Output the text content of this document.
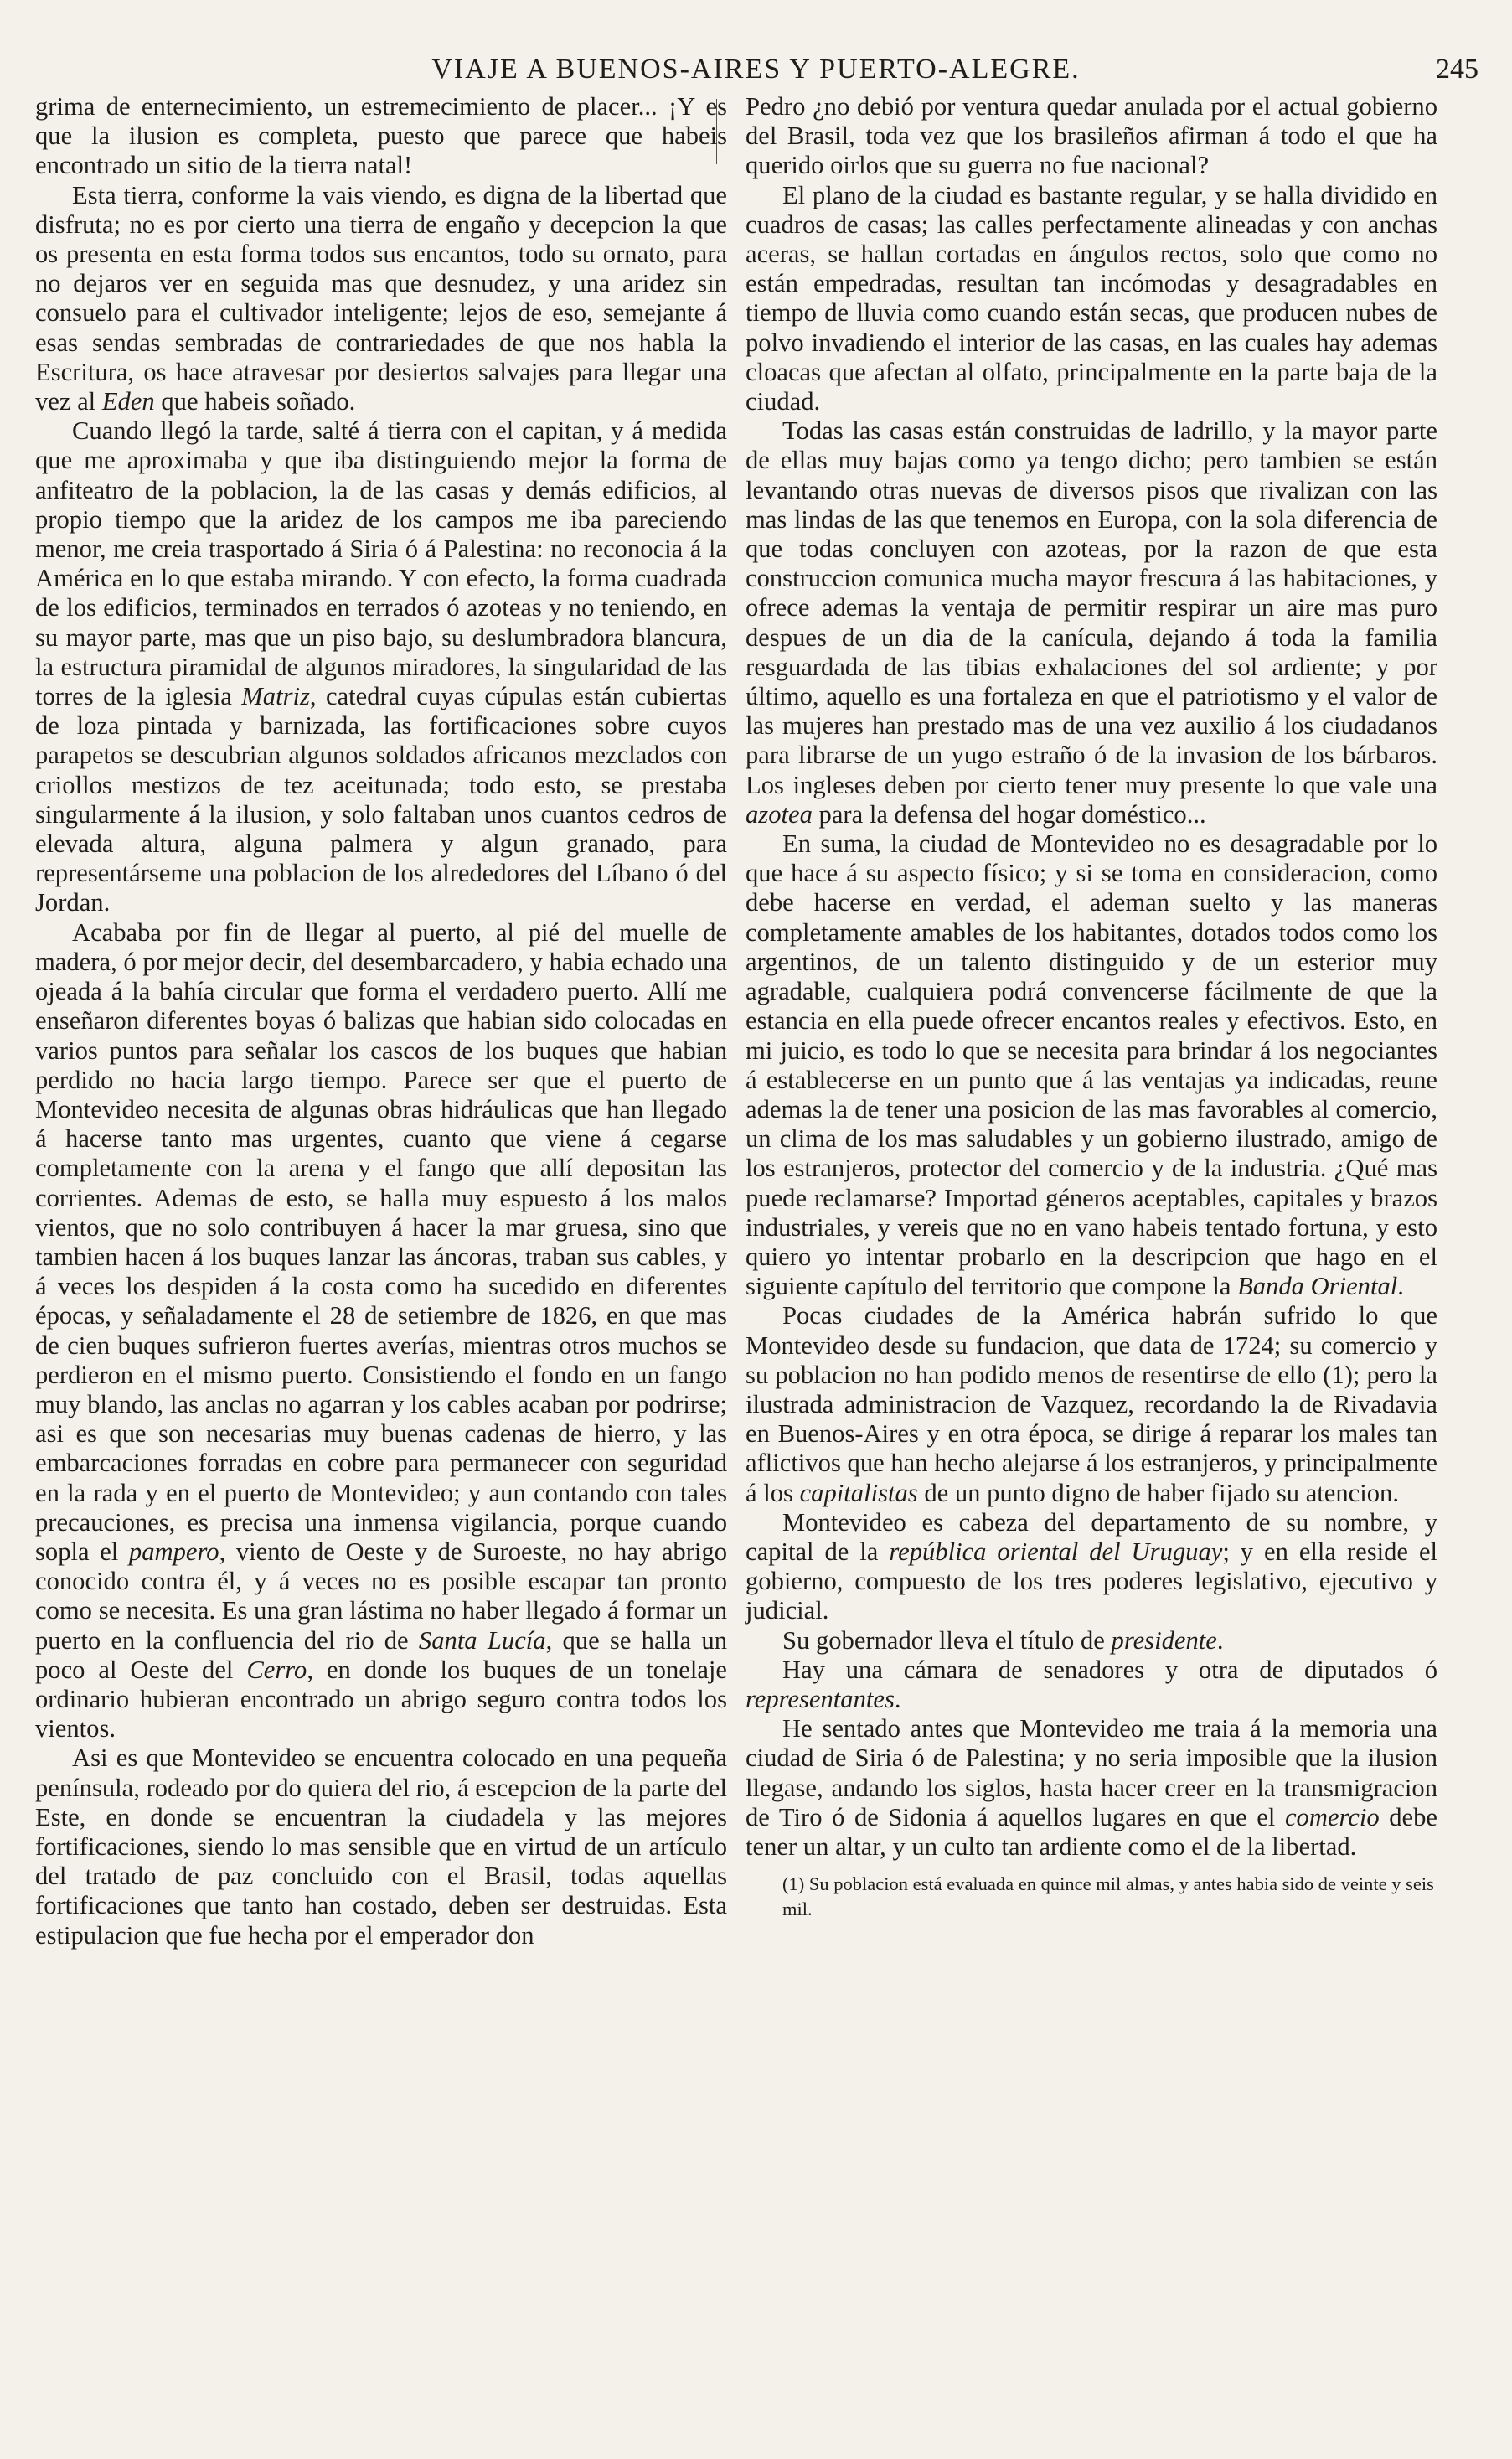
VIAJE A BUENOS-AIRES Y PUERTO-ALEGRE.	245

grima de enternecimiento, un estremecimiento de placer... ¡Y es que la ilusion es completa, puesto que parece que habeis encontrado un sitio de la tierra natal!

Esta tierra, conforme la vais viendo, es digna de la libertad que disfruta; no es por cierto una tierra de engaño y decepcion la que os presenta en esta forma todos sus encantos, todo su ornato, para no dejaros ver en seguida mas que desnudez, y una aridez sin consuelo para el cultivador inteligente; lejos de eso, semejante á esas sendas sembradas de contrariedades de que nos habla la Escritura, os hace atravesar por desiertos salvajes para llegar una vez al Eden que habeis soñado.

Cuando llegó la tarde, salté á tierra con el capitan, y á medida que me aproximaba y que iba distinguiendo mejor la forma de anfiteatro de la poblacion, la de las casas y demás edificios, al propio tiempo que la aridez de los campos me iba pareciendo menor, me creia trasportado á Siria ó á Palestina: no reconocia á la América en lo que estaba mirando. Y con efecto, la forma cuadrada de los edificios, terminados en terrados ó azoteas y no teniendo, en su mayor parte, mas que un piso bajo, su deslumbradora blancura, la estructura piramidal de algunos miradores, la singularidad de las torres de la iglesia Matriz, catedral cuyas cúpulas están cubiertas de loza pintada y barnizada, las fortificaciones sobre cuyos parapetos se descubrian algunos soldados africanos mezclados con criollos mestizos de tez aceitunada; todo esto, se prestaba singularmente á la ilusion, y solo faltaban unos cuantos cedros de elevada altura, alguna palmera y algun granado, para representárseme una poblacion de los alrededores del Líbano ó del Jordan.

Acababa por fin de llegar al puerto, al pié del muelle de madera, ó por mejor decir, del desembarcadero, y habia echado una ojeada á la bahía circular que forma el verdadero puerto. Allí me enseñaron diferentes boyas ó balizas que habian sido colocadas en varios puntos para señalar los cascos de los buques que habian perdido no hacia largo tiempo. Parece ser que el puerto de Montevideo necesita de algunas obras hidráulicas que han llegado á hacerse tanto mas urgentes, cuanto que viene á cegarse completamente con la arena y el fango que allí depositan las corrientes. Ademas de esto, se halla muy espuesto á los malos vientos, que no solo contribuyen á hacer la mar gruesa, sino que tambien hacen á los buques lanzar las áncoras, traban sus cables, y á veces los despiden á la costa como ha sucedido en diferentes épocas, y señaladamente el 28 de setiembre de 1826, en que mas de cien buques sufrieron fuertes averías, mientras otros muchos se perdieron en el mismo puerto. Consistiendo el fondo en un fango muy blando, las anclas no agarran y los cables acaban por podrirse; asi es que son necesarias muy buenas cadenas de hierro, y las embarcaciones forradas en cobre para permanecer con seguridad en la rada y en el puerto de Montevideo; y aun contando con tales precauciones, es precisa una inmensa vigilancia, porque cuando sopla el pampero, viento de Oeste y de Suroeste, no hay abrigo conocido contra él, y á veces no es posible escapar tan pronto como se necesita. Es una gran lástima no haber llegado á formar un puerto en la confluencia del rio de Santa Lucía, que se halla un poco al Oeste del Cerro, en donde los buques de un tonelaje ordinario hubieran encontrado un abrigo seguro contra todos los vientos.

Asi es que Montevideo se encuentra colocado en una pequeña península, rodeado por do quiera del rio, á escepcion de la parte del Este, en donde se encuentran la ciudadela y las mejores fortificaciones, siendo lo mas sensible que en virtud de un artículo del tratado de paz concluido con el Brasil, todas aquellas fortificaciones que tanto han costado, deben ser destruidas. Esta estipulacion que fue hecha por el emperador don

Pedro ¿no debió por ventura quedar anulada por el actual gobierno del Brasil, toda vez que los brasileños afirman á todo el que ha querido oirlos que su guerra no fue nacional?

El plano de la ciudad es bastante regular, y se halla dividido en cuadros de casas; las calles perfectamente alineadas y con anchas aceras, se hallan cortadas en ángulos rectos, solo que como no están empedradas, resultan tan incómodas y desagradables en tiempo de lluvia como cuando están secas, que producen nubes de polvo invadiendo el interior de las casas, en las cuales hay ademas cloacas que afectan al olfato, principalmente en la parte baja de la ciudad.

Todas las casas están construidas de ladrillo, y la mayor parte de ellas muy bajas como ya tengo dicho; pero tambien se están levantando otras nuevas de diversos pisos que rivalizan con las mas lindas de las que tenemos en Europa, con la sola diferencia de que todas concluyen con azoteas, por la razon de que esta construccion comunica mucha mayor frescura á las habitaciones, y ofrece ademas la ventaja de permitir respirar un aire mas puro despues de un dia de la canícula, dejando á toda la familia resguardada de las tibias exhalaciones del sol ardiente; y por último, aquello es una fortaleza en que el patriotismo y el valor de las mujeres han prestado mas de una vez auxilio á los ciudadanos para librarse de un yugo estraño ó de la invasion de los bárbaros. Los ingleses deben por cierto tener muy presente lo que vale una azotea para la defensa del hogar doméstico...

En suma, la ciudad de Montevideo no es desagradable por lo que hace á su aspecto físico; y si se toma en consideracion, como debe hacerse en verdad, el ademan suelto y las maneras completamente amables de los habitantes, dotados todos como los argentinos, de un talento distinguido y de un esterior muy agradable, cualquiera podrá convencerse fácilmente de que la estancia en ella puede ofrecer encantos reales y efectivos. Esto, en mi juicio, es todo lo que se necesita para brindar á los negociantes á establecerse en un punto que á las ventajas ya indicadas, reune ademas la de tener una posicion de las mas favorables al comercio, un clima de los mas saludables y un gobierno ilustrado, amigo de los estranjeros, protector del comercio y de la industria. ¿Qué mas puede reclamarse? Importad géneros aceptables, capitales y brazos industriales, y vereis que no en vano habeis tentado fortuna, y esto quiero yo intentar probarlo en la descripcion que hago en el siguiente capítulo del territorio que compone la Banda Oriental.

Pocas ciudades de la América habrán sufrido lo que Montevideo desde su fundacion, que data de 1724; su comercio y su poblacion no han podido menos de resentirse de ello (1); pero la ilustrada administracion de Vazquez, recordando la de Rivadavia en Buenos-Aires y en otra época, se dirige á reparar los males tan aflictivos que han hecho alejarse á los estranjeros, y principalmente á los capitalistas de un punto digno de haber fijado su atencion.

Montevideo es cabeza del departamento de su nombre, y capital de la república oriental del Uruguay; y en ella reside el gobierno, compuesto de los tres poderes legislativo, ejecutivo y judicial.

Su gobernador lleva el título de presidente.

Hay una cámara de senadores y otra de diputados ó representantes.

He sentado antes que Montevideo me traia á la memoria una ciudad de Siria ó de Palestina; y no seria imposible que la ilusion llegase, andando los siglos, hasta hacer creer en la transmigracion de Tiro ó de Sidonia á aquellos lugares en que el comercio debe tener un altar, y un culto tan ardiente como el de la libertad.

(1) Su poblacion está evaluada en quince mil almas, y antes habia sido de veinte y seis mil.
